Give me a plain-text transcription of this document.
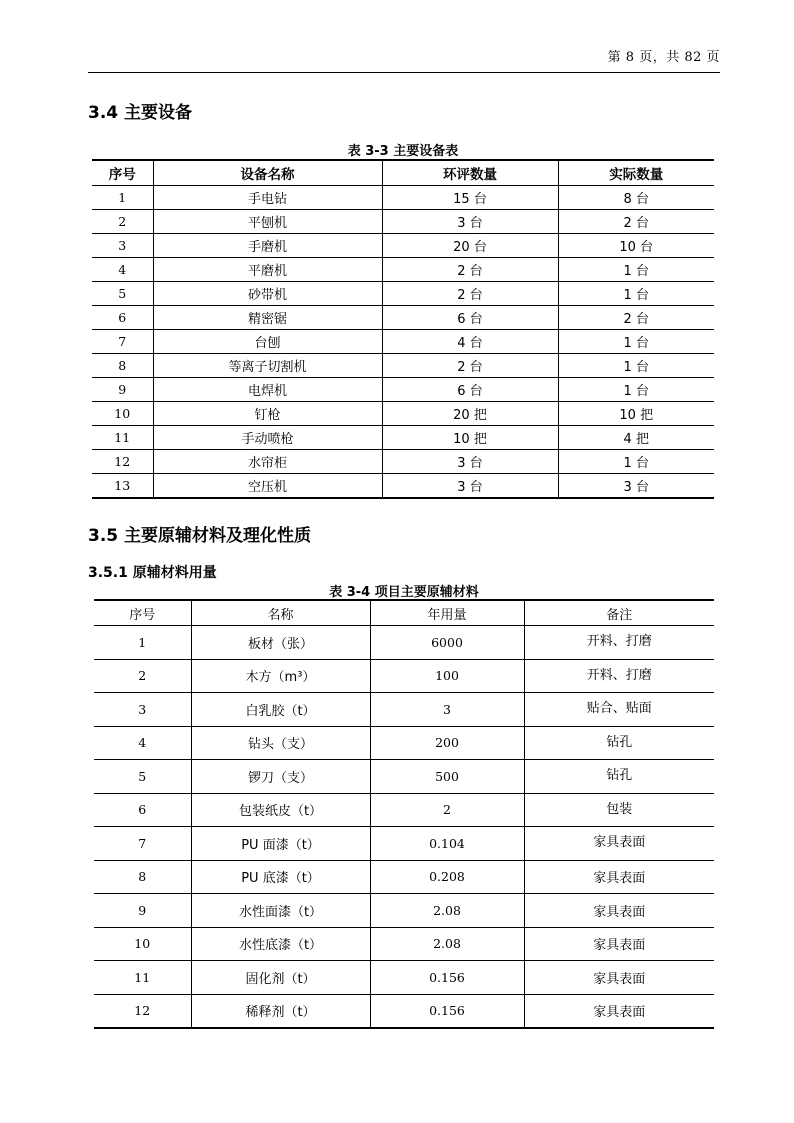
第 8 页，共 82 页
3.4 主要设备
表 3-3 主要设备表
序号	设备名称	环评数量	实际数量
1	手电钻	15 台	8 台
2	平刨机	3 台	2 台
3	手磨机	20 台	10 台
4	平磨机	2 台	1 台
5	砂带机	2 台	1 台
6	精密锯	6 台	2 台
7	台刨	4 台	1 台
8	等离子切割机	2 台	1 台
9	电焊机	6 台	1 台
10	钉枪	20 把	10 把
11	手动喷枪	10 把	4 把
12	水帘柜	3 台	1 台
13	空压机	3 台	3 台
3.5 主要原辅材料及理化性质
3.5.1 原辅材料用量
表 3-4 项目主要原辅材料
序号	名称	年用量	备注
1	板材（张）	6000	开料、打磨
2	木方（m³）	100	开料、打磨
3	白乳胶（t）	3	贴合、贴面
4	钻头（支）	200	钻孔
5	锣刀（支）	500	钻孔
6	包装纸皮（t）	2	包装
7	PU 面漆（t）	0.104	家具表面
8	PU 底漆（t）	0.208	家具表面
9	水性面漆（t）	2.08	家具表面
10	水性底漆（t）	2.08	家具表面
11	固化剂（t）	0.156	家具表面
12	稀释剂（t）	0.156	家具表面
